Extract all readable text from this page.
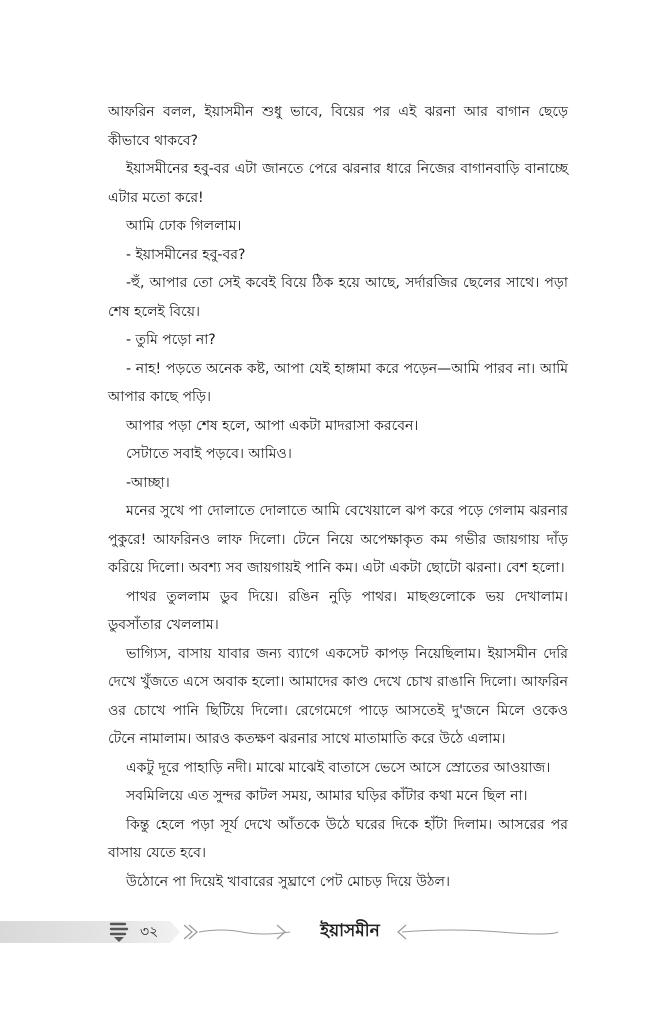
আফরিন বলল, ইয়াসমীন শুধু ভাবে, বিয়ের পর এই ঝরনা আর বাগান ছেড়ে কীভাবে থাকবে?

ইয়াসমীনের হবু-বর এটা জানতে পেরে ঝরনার ধারে নিজের বাগানবাড়ি বানাচ্ছে এটার মতো করে!

আমি ঢোক গিললাম।

- ইয়াসমীনের হবু-বর?

-হুঁ, আপার তো সেই কবেই বিয়ে ঠিক হয়ে আছে, সর্দারজির ছেলের সাথে। পড়া শেষ হলেই বিয়ে।

- তুমি পড়ো না?

- নাহ! পড়তে অনেক কষ্ট, আপা যেই হাঙ্গামা করে পড়েন—আমি পারব না। আমি আপার কাছে পড়ি।

আপার পড়া শেষ হলে, আপা একটা মাদরাসা করবেন।

সেটাতে সবাই পড়বে। আমিও।

-আচ্ছা।

মনের সুখে পা দোলাতে দোলাতে আমি বেখেয়ালে ঝপ করে পড়ে গেলাম ঝরনার পুকুরে! আফরিনও লাফ দিলো। টেনে নিয়ে অপেক্ষাকৃত কম গভীর জায়গায় দাঁড় করিয়ে দিলো। অবশ্য সব জায়গায়ই পানি কম। এটা একটা ছোটো ঝরনা। বেশ হলো।

পাথর তুললাম ডুব দিয়ে। রঙিন নুড়ি পাথর। মাছগুলোকে ভয় দেখালাম। ডুবসাঁতার খেললাম।

ভাগ্যিস, বাসায় যাবার জন্য ব্যাগে একসেট কাপড় নিয়েছিলাম। ইয়াসমীন দেরি দেখে খুঁজতে এসে অবাক হলো। আমাদের কাণ্ড দেখে চোখ রাঙানি দিলো। আফরিন ওর চোখে পানি ছিটিয়ে দিলো। রেগেমেগে পাড়ে আসতেই দু'জনে মিলে ওকেও টেনে নামালাম। আরও কতক্ষণ ঝরনার সাথে মাতামাতি করে উঠে এলাম।

একটু দূরে পাহাড়ি নদী। মাঝে মাঝেই বাতাসে ভেসে আসে স্রোতের আওয়াজ।

সবমিলিয়ে এত সুন্দর কাটল সময়, আমার ঘড়ির কাঁটার কথা মনে ছিল না।

কিন্তু হেলে পড়া সূর্য দেখে আঁতকে উঠে ঘরের দিকে হাঁটা দিলাম। আসরের পর বাসায় যেতে হবে।

উঠোনে পা দিয়েই খাবারের সুঘ্রাণে পেট মোচড় দিয়ে উঠল।

৩২	ইয়াসমীন
